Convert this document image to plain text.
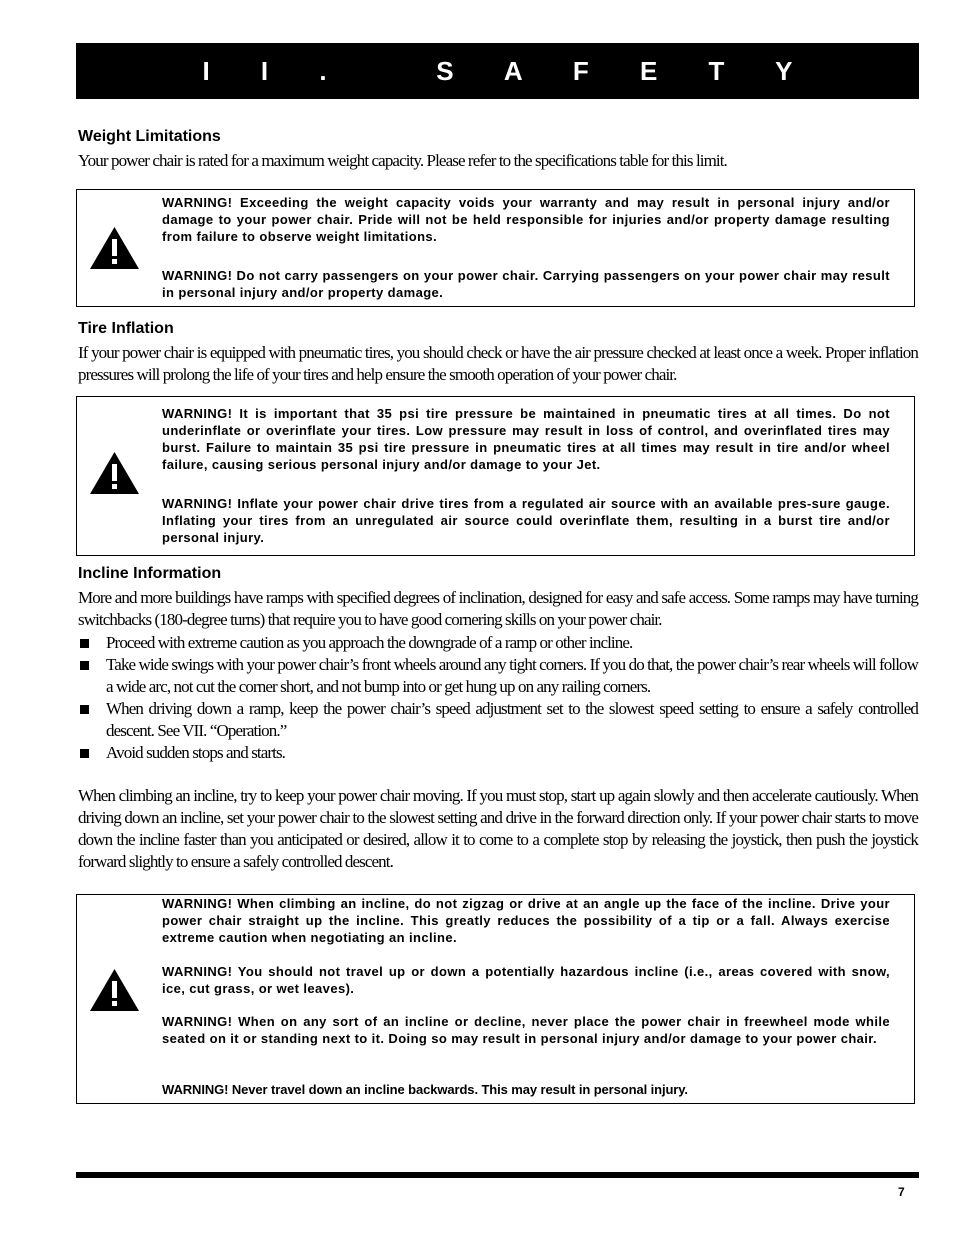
I I .   S A F E T Y
Weight Limitations

Your power chair is rated for a maximum weight capacity. Please refer to the specifications table for this limit.

WARNING! Exceeding the weight capacity voids your warranty and may result in personal injury and/or damage to your power chair. Pride will not be held responsible for injuries and/or property damage resulting from failure to observe weight limitations.

WARNING! Do not carry passengers on your power chair. Carrying passengers on your power chair may result in personal injury and/or property damage.

Tire Inflation

If your power chair is equipped with pneumatic tires, you should check or have the air pressure checked at least once a week. Proper inflation pressures will prolong the life of your tires and help ensure the smooth operation of your power chair.

WARNING! It is important that 35 psi tire pressure be maintained in pneumatic tires at all times. Do not underinflate or overinflate your tires. Low pressure may result in loss of control, and overinflated tires may burst. Failure to maintain 35 psi tire pressure in pneumatic tires at all times may result in tire and/or wheel failure, causing serious personal injury and/or damage to your Jet.

WARNING! Inflate your power chair drive tires from a regulated air source with an available pres-sure gauge. Inflating your tires from an unregulated air source could overinflate them, resulting in a burst tire and/or personal injury.

Incline Information

More and more buildings have ramps with specified degrees of inclination, designed for easy and safe access. Some ramps may have turning switchbacks (180-degree turns) that require you to have good cornering skills on your power chair.

Proceed with extreme caution as you approach the downgrade of a ramp or other incline.
Take wide swings with your power chair’s front wheels around any tight corners. If you do that, the power chair’s rear wheels will follow a wide arc, not cut the corner short, and not bump into or get hung up on any railing corners.
When driving down a ramp, keep the power chair’s speed adjustment set to the slowest speed setting to ensure a safely controlled descent. See VII. “Operation.”
Avoid sudden stops and starts.

When climbing an incline, try to keep your power chair moving. If you must stop, start up again slowly and then accelerate cautiously. When driving down an incline, set your power chair to the slowest setting and drive in the forward direction only. If your power chair starts to move down the incline faster than you anticipated or desired, allow it to come to a complete stop by releasing the joystick, then push the joystick forward slightly to ensure a safely controlled descent.

WARNING! When climbing an incline, do not zigzag or drive at an angle up the face of the incline. Drive your power chair straight up the incline. This greatly reduces the possibility of a tip or a fall. Always exercise extreme caution when negotiating an incline.

WARNING! You should not travel up or down a potentially hazardous incline (i.e., areas covered with snow, ice, cut grass, or wet leaves).

WARNING! When on any sort of an incline or decline, never place the power chair in freewheel mode while seated on it or standing next to it. Doing so may result in personal injury and/or damage to your power chair.

WARNING! Never travel down an incline backwards. This may result in personal injury.

7
